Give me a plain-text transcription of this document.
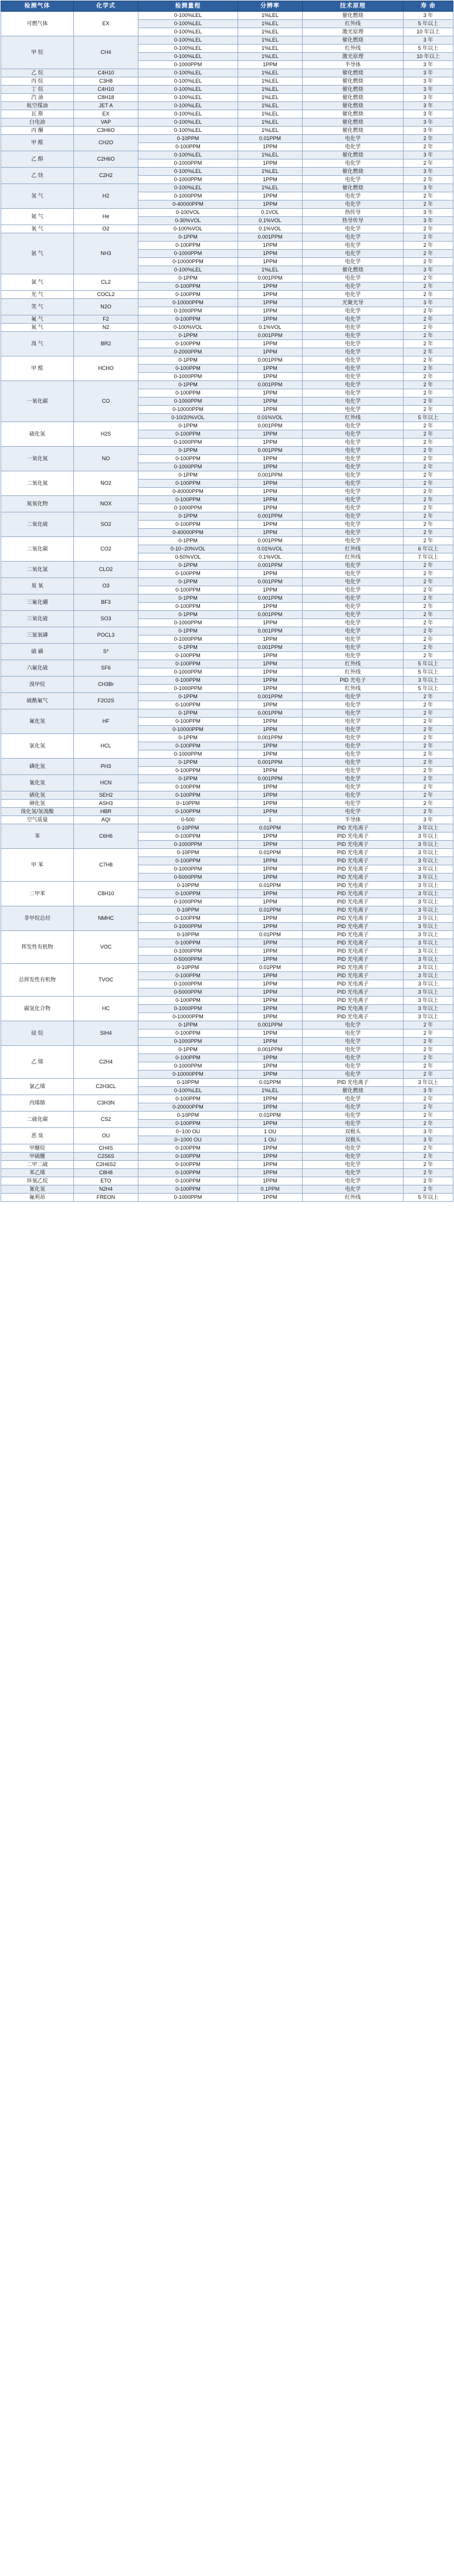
检测气体	化学式	检测量程	分辨率	技术原理	寿 命
可燃气体	EX	0-100%LEL	1%LEL	催化燃烧	3 年
		0-100%LEL	1%LEL	红外线	5 年以上
		0-100%LEL	1%LEL	激光原理	10 年以上
甲 烷	CH4	0-100%LEL	1%LEL	催化燃烧	3 年
		0-100%LEL	1%LEL	红外线	5 年以上
		0-100%LEL	1%LEL	激光原理	10 年以上
		0-1000PPM	1PPM	半导体	3 年
乙 烷	C4H10	0-100%LEL	1%LEL	催化燃烧	3 年
丙 烷	C3H8	0-100%LEL	1%LEL	催化燃烧	3 年
丁 烷	C4H10	0-100%LEL	1%LEL	催化燃烧	3 年
汽 油	C8H18	0-100%LEL	1%LEL	催化燃烧	3 年
航空煤油	JET A	0-100%LEL	1%LEL	催化燃烧	3 年
瓦 斯	EX	0-100%LEL	1%LEL	催化燃烧	3 年
白电油	VAP	0-100%LEL	1%LEL	催化燃烧	3 年
丙 酮	C3H6O	0-100%LEL	1%LEL	催化燃烧	3 年
甲 醛	CH2O	0-10PPM	0.01PPM	电化学	2 年
		0-100PPM	1PPM	电化学	2 年
乙 醇	C2H6O	0-100%LEL	1%LEL	催化燃烧	3 年
		0-1000PPM	1PPM	电化学	2 年
乙 炔	C2H2	0-100%LEL	1%LEL	催化燃烧	3 年
		0-1000PPM	1PPM	电化学	2 年
氢 气	H2	0-100%LEL	1%LEL	催化燃烧	3 年
		0-1000PPM	1PPM	电化学	2 年
		0-40000PPM	1PPM	电化学	2 年
氦 气	He	0-100VOL	0.1VOL	热传导	3 年
		0-30%VOL	0.1%VOL	热导传导	3 年
氧 气	O2	0-100%VOL	0.1%VOL	电化学	2 年
氨 气	NH3	0-1PPM	0.001PPM	电化学	2 年
		0-100PPM	1PPM	电化学	2 年
		0-1000PPM	1PPM	电化学	2 年
		0-10000PPM	1PPM	电化学	2 年
		0-100%LEL	1%LEL	催化燃烧	3 年
氯 气	CL2	0-1PPM	0.001PPM	电化学	2 年
		0-100PPM	1PPM	电化学	2 年
光 气	COCL2	0-100PPM	1PPM	电化学	2 年
笑 气	N2O	0-10000PPM	1PPM	光聚光导	3 年
		0-1000PPM	1PPM	电化学	2 年
氟 气	F2	0-100PPM	1PPM	电化学	2 年
氮 气	N2	0-100%VOL	0.1%VOL	电化学	2 年
溴 气	BR2	0-1PPM	0.001PPM	电化学	2 年
		0-100PPM	1PPM	电化学	2 年
		0-2000PPM	1PPM	电化学	2 年
甲 醛	HCHO	0-1PPM	0.001PPM	电化学	2 年
		0-100PPM	1PPM	电化学	2 年
		0-1000PPM	1PPM	电化学	2 年
一氧化碳	CO	0-1PPM	0.001PPM	电化学	2 年
		0-100PPM	1PPM	电化学	2 年
		0-1000PPM	1PPM	电化学	2 年
		0-10000PPM	1PPM	电化学	2 年
		0-10/20%VOL	0.01%VOL	红外线	5 年以上
硫化氢	H2S	0-1PPM	0.001PPM	电化学	2 年
		0-100PPM	1PPM	电化学	2 年
		0-1000PPM	1PPM	电化学	2 年
一氧化氮	NO	0-1PPM	0.001PPM	电化学	2 年
		0-100PPM	1PPM	电化学	2 年
		0-1000PPM	1PPM	电化学	2 年
二氧化氮	NO2	0-1PPM	0.001PPM	电化学	2 年
		0-100PPM	1PPM	电化学	2 年
		0-40000PPM	1PPM	电化学	2 年
氮氧化物	NOX	0-100PPM	1PPM	电化学	2 年
		0-1000PPM	1PPM	电化学	2 年
二氧化硫	SO2	0-1PPM	0.001PPM	电化学	2 年
		0-100PPM	1PPM	电化学	2 年
		0-40000PPM	1PPM	电化学	2 年
二氧化碳	CO2	0-1PPM	0.001PPM	电化学	2 年
		0-10~20%VOL	0.01%VOL	红外线	6 年以上
		0-50%VOL	0.1%VOL	红外线	7 年以上
二氧化氯	CLO2	0-1PPM	0.001PPM	电化学	2 年
		0-100PPM	1PPM	电化学	2 年
臭 氧	O3	0-1PPM	0.001PPM	电化学	2 年
		0-100PPM	1PPM	电化学	2 年
三氟化硼	BF3	0-1PPM	0.001PPM	电化学	2 年
		0-100PPM	1PPM	电化学	2 年
三氧化硫	SO3	0-1PPM	0.001PPM	电化学	2 年
		0-1000PPM	1PPM	电化学	2 年
三氯氧磷	POCL3	0-1PPM	0.001PPM	电化学	2 年
		0-1000PPM	1PPM	电化学	2 年
硫 磺	S*	0-1PPM	0.001PPM	电化学	2 年
		0-100PPM	1PPM	电化学	2 年
六氟化硫	SF6	0-100PPM	1PPM	红外线	5 年以上
		0-1000PPM	1PPM	红外线	5 年以上
溴甲烷	CH3Br	0-100PPM	1PPM	PID 光电子	3 年以上
		0-1000PPM	1PPM	红外线	5 年以上
硫酰氟气	F2O2S	0-1PPM	0.001PPM	电化学	2 年
		0-100PPM	1PPM	电化学	2 年
氟化氢	HF	0-1PPM	0.001PPM	电化学	2 年
		0-100PPM	1PPM	电化学	2 年
		0-10000PPM	1PPM	电化学	2 年
氯化氢	HCL	0-1PPM	0.001PPM	电化学	2 年
		0-100PPM	1PPM	电化学	2 年
		0-1000PPM	1PPM	电化学	2 年
磷化氢	PH3	0-1PPM	0.001PPM	电化学	2 年
		0-100PPM	1PPM	电化学	2 年
氰化氢	HCN	0-1PPM	0.001PPM	电化学	2 年
		0-100PPM	1PPM	电化学	2 年
硒化氢	SEH2	0-100PPM	1PPM	电化学	2 年
砷化氢	ASH3	0~10PPM	1PPM	电化学	2 年
溴化氢/氢溴酸	HBR	0-100PPM	1PPM	电化学	2 年
空气质量	AQI	0-500	1	半导体	3 年
苯	C6H6	0-10PPM	0.01PPM	PID 光电离子	3 年以上
		0-100PPM	1PPM	PID 光电离子	3 年以上
		0-1000PPM	1PPM	PID 光电离子	3 年以上
甲 苯	C7H8	0-10PPM	0.01PPM	PID 光电离子	3 年以上
		0-100PPM	1PPM	PID 光电离子	3 年以上
		0-1000PPM	1PPM	PID 光电离子	3 年以上
		0-5000PPM	1PPM	PID 光电离子	3 年以上
二甲苯	C8H10	0-10PPM	0.01PPM	PID 光电离子	3 年以上
		0-100PPM	1PPM	PID 光电离子	3 年以上
		0-1000PPM	1PPM	PID 光电离子	3 年以上
非甲烷总烃	NMHC	0-10PPM	0.01PPM	PID 光电离子	3 年以上
		0-100PPM	1PPM	PID 光电离子	3 年以上
		0-1000PPM	1PPM	PID 光电离子	3 年以上
挥发性有机物	VOC	0-10PPM	0.01PPM	PID 光电离子	3 年以上
		0-100PPM	1PPM	PID 光电离子	3 年以上
		0-1000PPM	1PPM	PID 光电离子	3 年以上
		0-5000PPM	1PPM	PID 光电离子	3 年以上
总挥发性有机物	TVOC	0-10PPM	0.01PPM	PID 光电离子	3 年以上
		0-100PPM	1PPM	PID 光电离子	3 年以上
		0-1000PPM	1PPM	PID 光电离子	3 年以上
		0-5000PPM	1PPM	PID 光电离子	3 年以上
碳氢化合物	HC	0-100PPM	1PPM	PID 光电离子	3 年以上
		0-1000PPM	1PPM	PID 光电离子	3 年以上
		0-10000PPM	1PPM	PID 光电离子	3 年以上
硅 烷	SIH4	0-1PPM	0.001PPM	电化学	2 年
		0-100PPM	1PPM	电化学	2 年
		0-1000PPM	1PPM	电化学	2 年
乙 烯	C2H4	0-1PPM	0.001PPM	电化学	2 年
		0-100PPM	1PPM	电化学	2 年
		0-1000PPM	1PPM	电化学	2 年
		0-10000PPM	1PPM	电化学	2 年
氯乙烯	C2H3CL	0-10PPM	0.01PPM	PID 光电离子	3 年以上
		0-100%LEL	1%LEL	催化燃烧	3 年
丙烯腈	C3H3N	0-100PPM	1PPM	电化学	2 年
		0-20000PPM	1PPM	电化学	2 年
二硫化碳	CS2	0-10PPM	0.01PPM	电化学	2 年
		0-100PPM	1PPM	电化学	2 年
恶 臭	OU	0~100 OU	1 OU	双极头	3 年
		0~1000 OU	1 OU	双极头	3 年
甲醚烷	CH4S	0-100PPM	1PPM	电化学	2 年
甲硫醚	C2S6S	0-100PPM	1PPM	电化学	2 年
二甲二硫	C2H6S2	0-100PPM	1PPM	电化学	2 年
苯乙烯	C8H8	0-100PPM	1PPM	电化学	2 年
环氧乙烷	ETO	0-100PPM	1PPM	电化学	2 年
氰化氢	N2H4	0-100PPM	0.1PPM	电化学	2 年
氟利昂	FREON	0-1000PPM	1PPM	红外线	5 年以上
